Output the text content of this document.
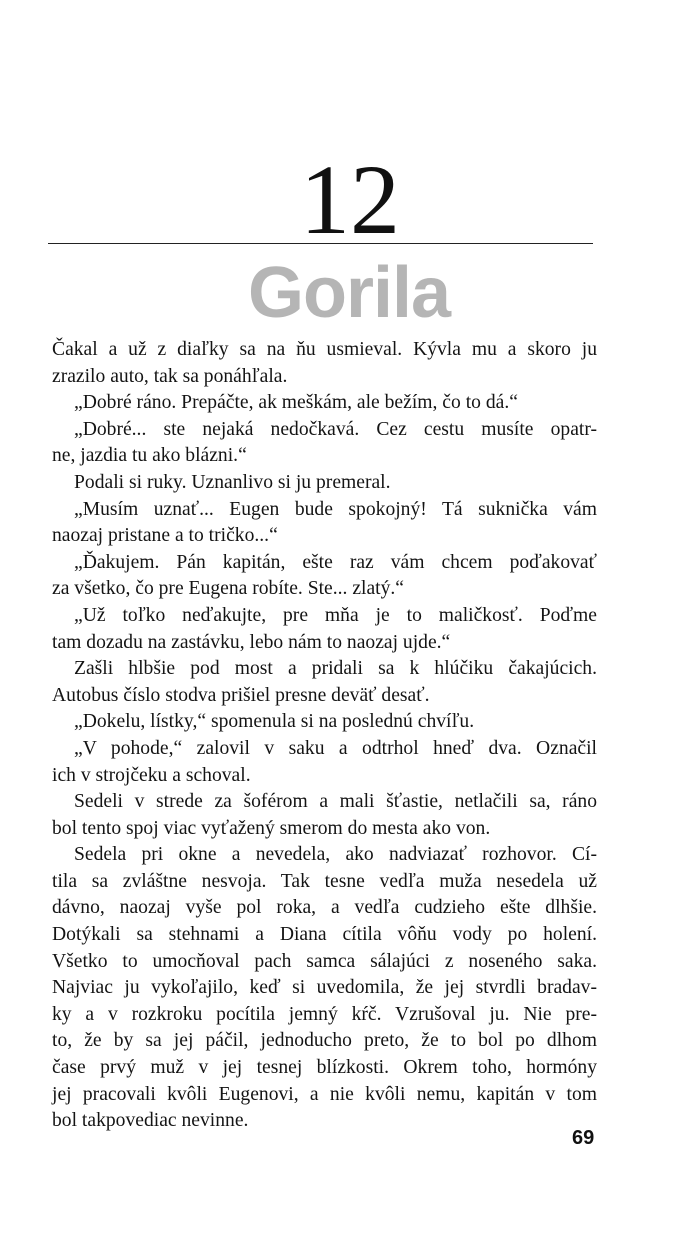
12
Gorila
Čakal a už z diaľky sa na ňu usmieval. Kývla mu a skoro ju
zrazilo auto, tak sa ponáhľala.
„Dobré ráno. Prepáčte, ak meškám, ale bežím, čo to dá.“
„Dobré... ste nejaká nedočkavá. Cez cestu musíte opatr-
ne, jazdia tu ako blázni.“
Podali si ruky. Uznanlivo si ju premeral.
„Musím uznať... Eugen bude spokojný! Tá suknička vám
naozaj pristane a to tričko...“
„Ďakujem. Pán kapitán, ešte raz vám chcem poďakovať
za všetko, čo pre Eugena robíte. Ste... zlatý.“
„Už toľko neďakujte, pre mňa je to maličkosť. Poďme
tam dozadu na zastávku, lebo nám to naozaj ujde.“
Zašli hlbšie pod most a pridali sa k hlúčiku čakajúcich.
Autobus číslo stodva prišiel presne deväť desať.
„Dokelu, lístky,“ spomenula si na poslednú chvíľu.
„V pohode,“ zalovil v saku a odtrhol hneď dva. Označil
ich v strojčeku a schoval.
Sedeli v strede za šoférom a mali šťastie, netlačili sa, ráno
bol tento spoj viac vyťažený smerom do mesta ako von.
Sedela pri okne a nevedela, ako nadviazať rozhovor. Cí-
tila sa zvláštne nesvoja. Tak tesne vedľa muža nesedela už
dávno, naozaj vyše pol roka, a vedľa cudzieho ešte dlhšie.
Dotýkali sa stehnami a Diana cítila vôňu vody po holení.
Všetko to umocňoval pach samca sálajúci z noseného saka.
Najviac ju vykoľajilo, keď si uvedomila, že jej stvrdli bradav-
ky a v rozkroku pocítila jemný kŕč. Vzrušoval ju. Nie pre-
to, že by sa jej páčil, jednoducho preto, že to bol po dlhom
čase prvý muž v jej tesnej blízkosti. Okrem toho, hormóny
jej pracovali kvôli Eugenovi, a nie kvôli nemu, kapitán v tom
bol takpovediac nevinne.
69
